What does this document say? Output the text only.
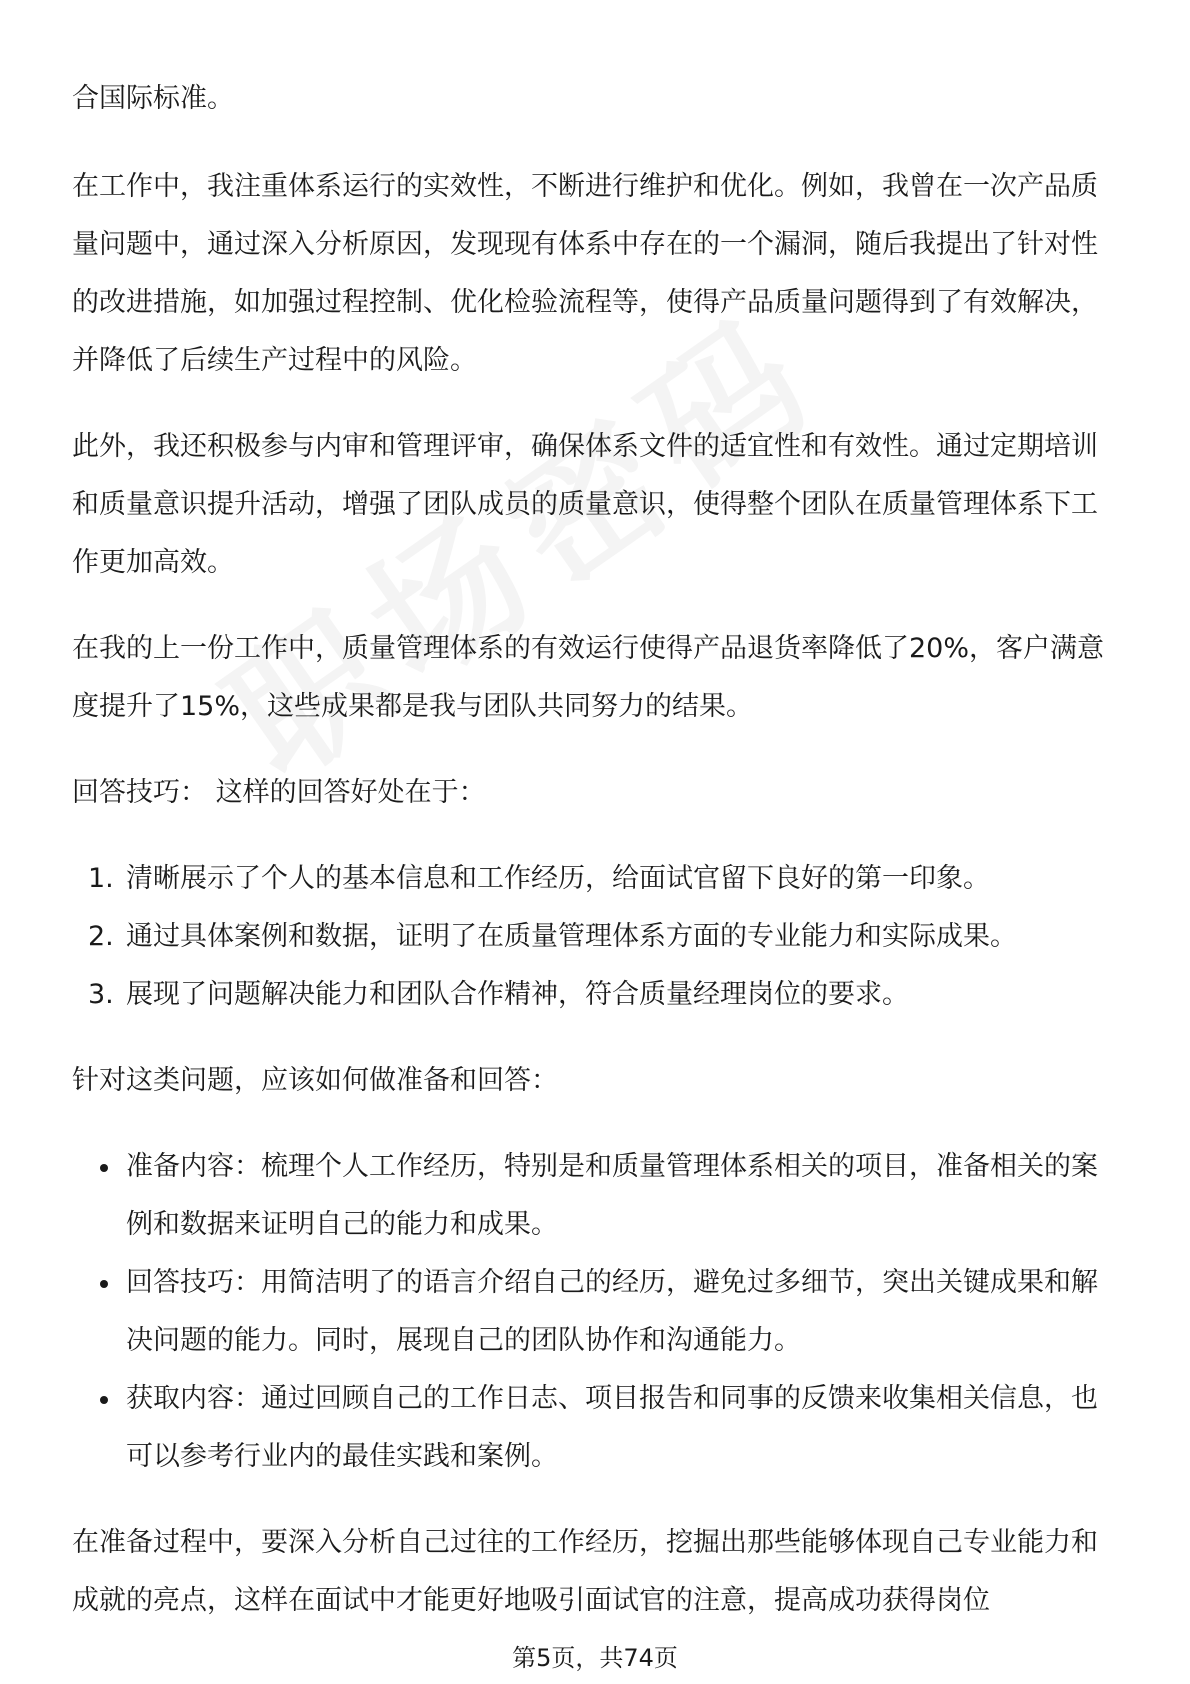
合国际标准。

在工作中，我注重体系运行的实效性，不断进行维护和优化。例如，我曾在一次产品质量问题中，通过深入分析原因，发现现有体系中存在的一个漏洞，随后我提出了针对性的改进措施，如加强过程控制、优化检验流程等，使得产品质量问题得到了有效解决，并降低了后续生产过程中的风险。

此外，我还积极参与内审和管理评审，确保体系文件的适宜性和有效性。通过定期培训和质量意识提升活动，增强了团队成员的质量意识，使得整个团队在质量管理体系下工作更加高效。

在我的上一份工作中，质量管理体系的有效运行使得产品退货率降低了20%，客户满意度提升了15%，这些成果都是我与团队共同努力的结果。

回答技巧： 这样的回答好处在于：

1. 清晰展示了个人的基本信息和工作经历，给面试官留下良好的第一印象。
2. 通过具体案例和数据，证明了在质量管理体系方面的专业能力和实际成果。
3. 展现了问题解决能力和团队合作精神，符合质量经理岗位的要求。

针对这类问题，应该如何做准备和回答：

准备内容：梳理个人工作经历，特别是和质量管理体系相关的项目，准备相关的案例和数据来证明自己的能力和成果。
回答技巧：用简洁明了的语言介绍自己的经历，避免过多细节，突出关键成果和解决问题的能力。同时，展现自己的团队协作和沟通能力。
获取内容：通过回顾自己的工作日志、项目报告和同事的反馈来收集相关信息，也可以参考行业内的最佳实践和案例。

在准备过程中，要深入分析自己过往的工作经历，挖掘出那些能够体现自己专业能力和成就的亮点，这样在面试中才能更好地吸引面试官的注意，提高成功获得岗位

第5页，共74页
